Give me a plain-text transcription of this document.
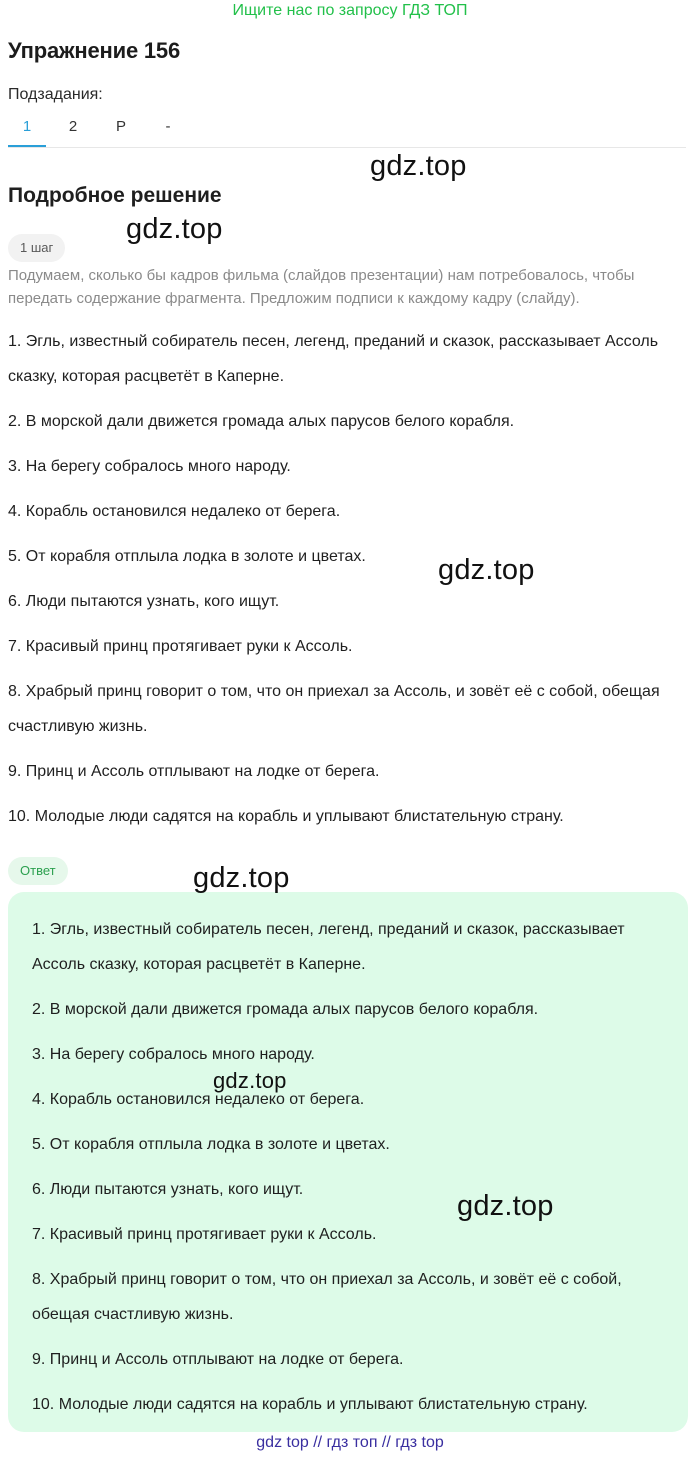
Ищите нас по запросу ГДЗ ТОП
Упражнение 156
Подзадания:
1	2	Р	-
Подробное решение
1 шаг

Подумаем, сколько бы кадров фильма (слайдов презентации) нам потребовалось, чтобы передать содержание фрагмента. Предложим подписи к каждому кадру (слайду).

1. Эгль, известный собиратель песен, легенд, преданий и сказок, рассказывает Ассоль сказку, которая расцветёт в Каперне.
2. В морской дали движется громада алых парусов белого корабля.
3. На берегу собралось много народу.
4. Корабль остановился недалеко от берега.
5. От корабля отплыла лодка в золоте и цветах.
6. Люди пытаются узнать, кого ищут.
7. Красивый принц протягивает руки к Ассоль.
8. Храбрый принц говорит о том, что он приехал за Ассоль, и зовёт её с собой, обещая счастливую жизнь.
9. Принц и Ассоль отплывают на лодке от берега.
10. Молодые люди садятся на корабль и уплывают блистательную страну.
Ответ
1. Эгль, известный собиратель песен, легенд, преданий и сказок, рассказывает Ассоль сказку, которая расцветёт в Каперне.
2. В морской дали движется громада алых парусов белого корабля.
3. На берегу собралось много народу.
4. Корабль остановился недалеко от берега.
5. От корабля отплыла лодка в золоте и цветах.
6. Люди пытаются узнать, кого ищут.
7. Красивый принц протягивает руки к Ассоль.
8. Храбрый принц говорит о том, что он приехал за Ассоль, и зовёт её с собой, обещая счастливую жизнь.
9. Принц и Ассоль отплывают на лодке от берега.
10. Молодые люди садятся на корабль и уплывают блистательную страну.
gdz.top
gdz.top
gdz.top
gdz.top
gdz.top
gdz.top
gdz top // гдз топ // гдз top
